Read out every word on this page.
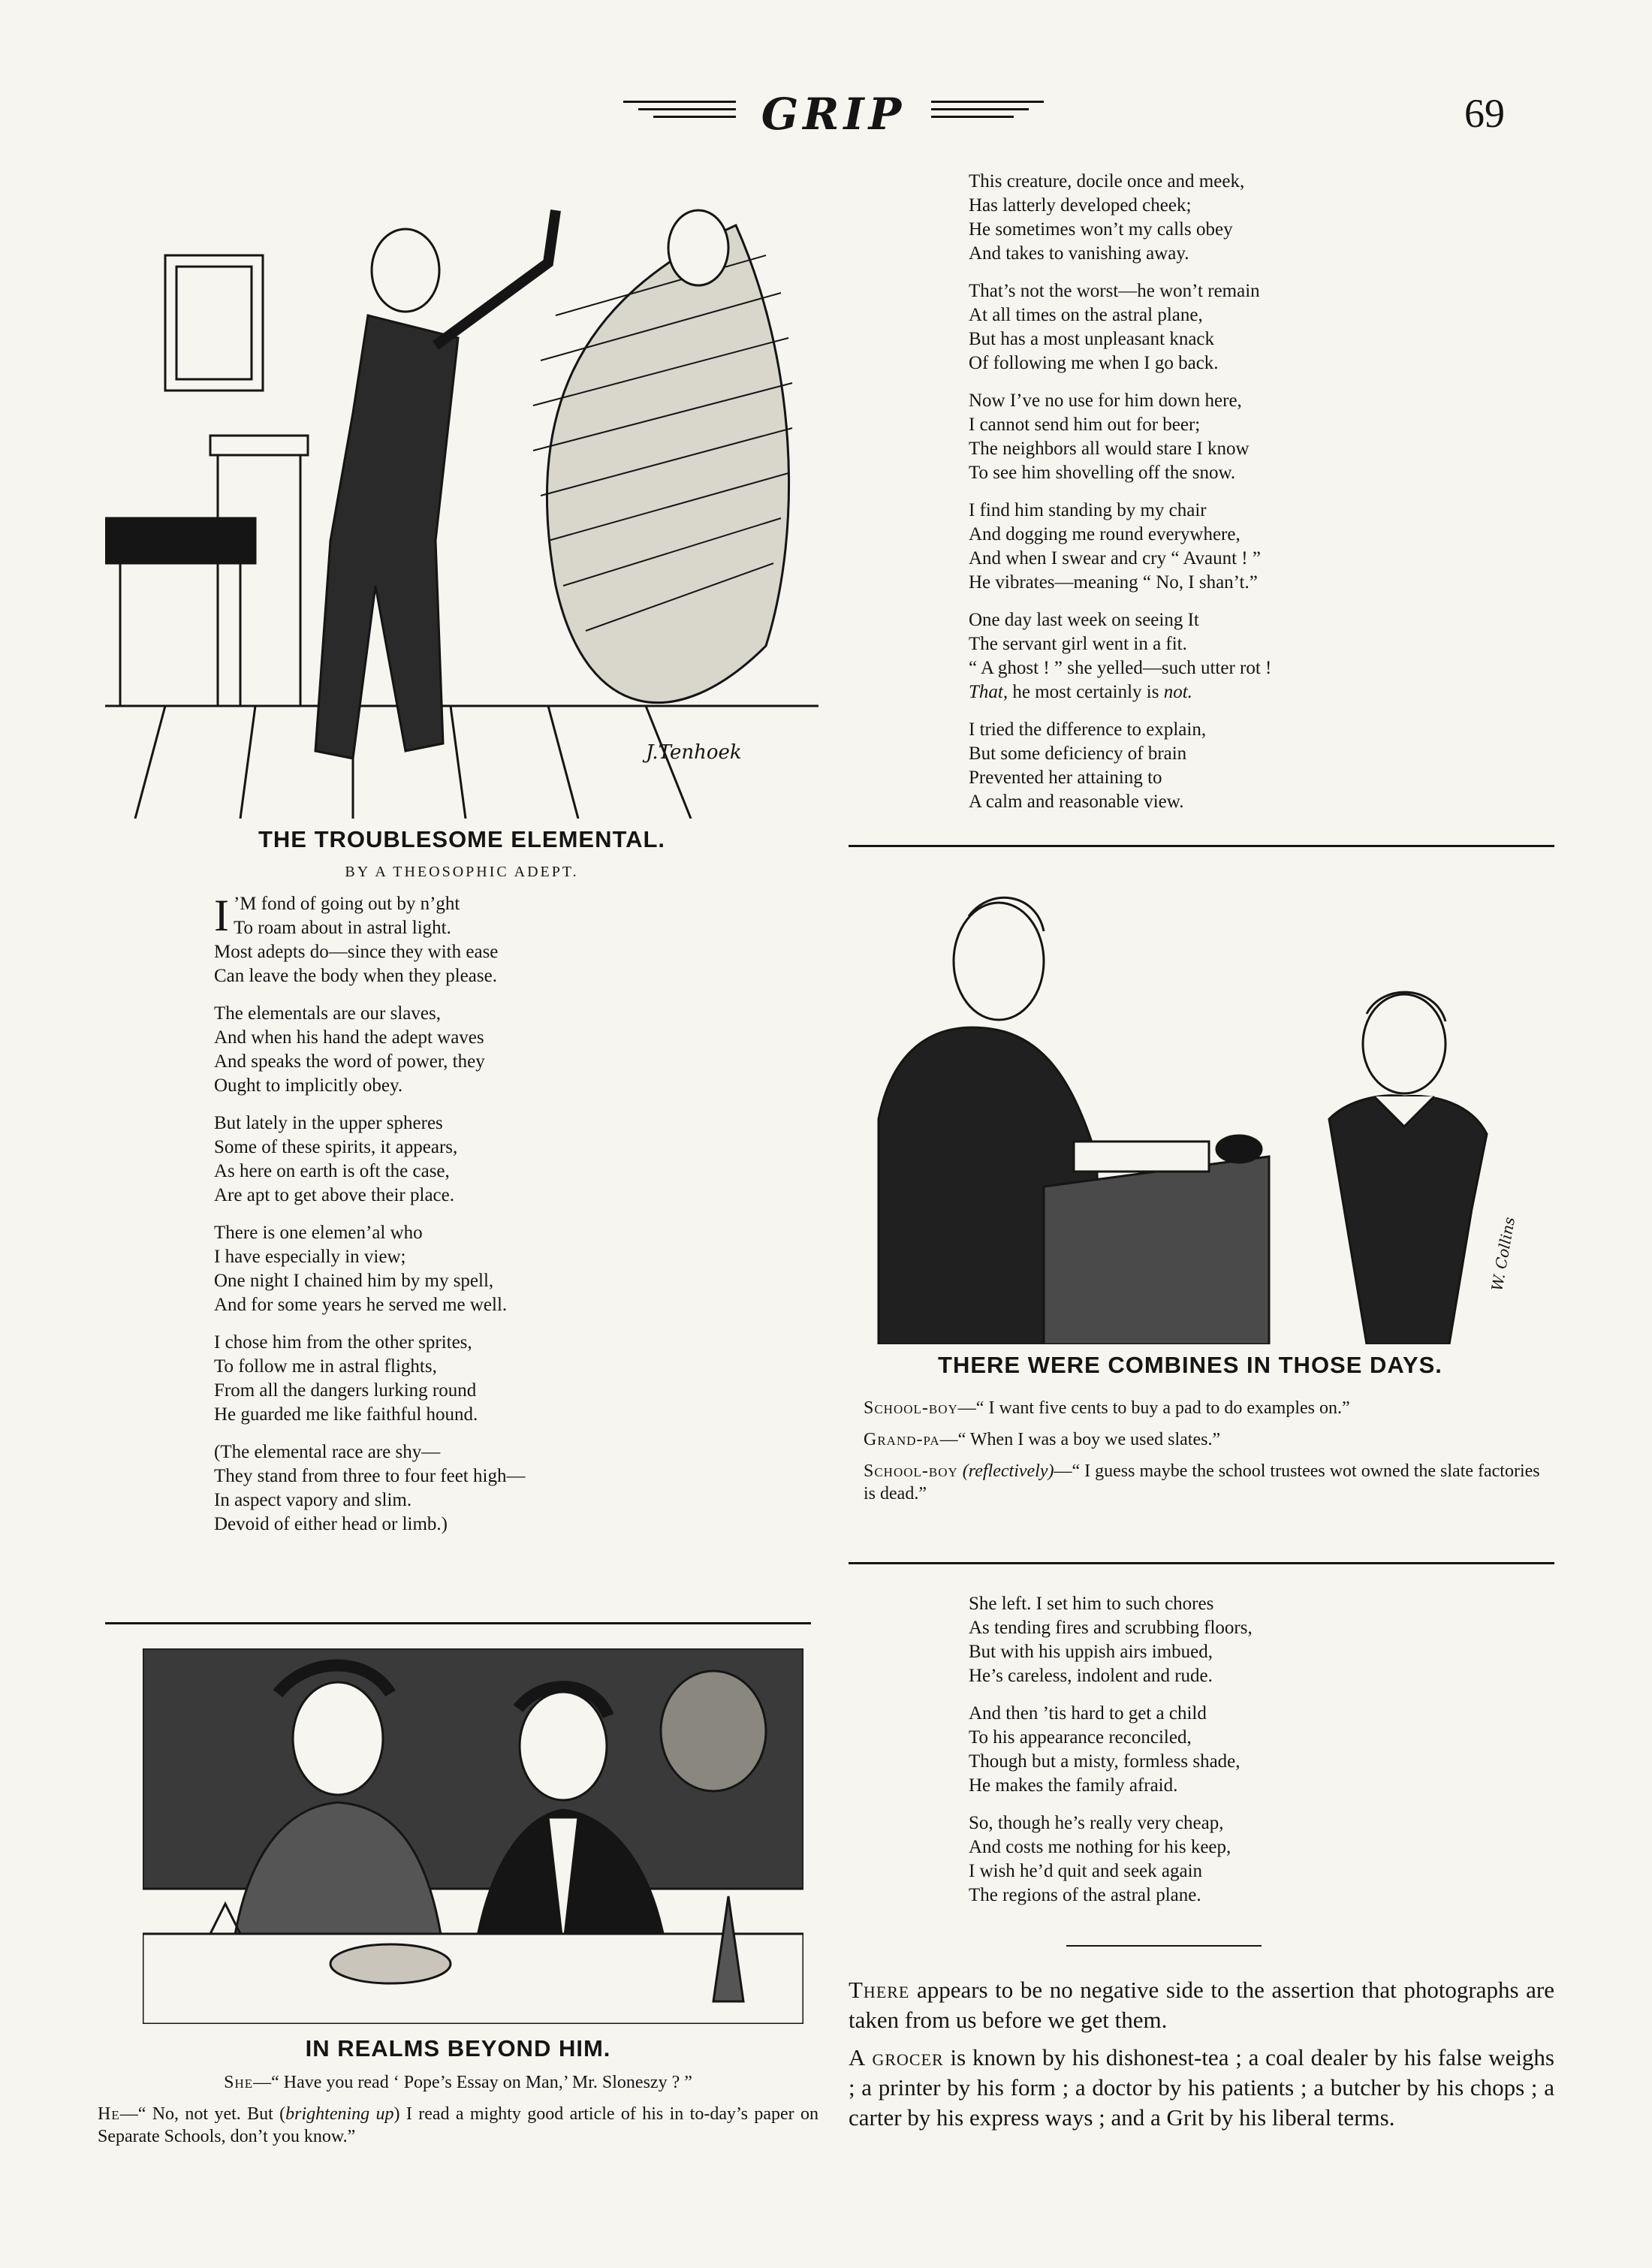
GRIP	69
J.Tenhoek
THE TROUBLESOME ELEMENTAL.
BY A THEOSOPHIC ADEPT.
I ’M fond of going out by n’ght
To roam about in astral light.
Most adepts do—since they with ease
Can leave the body when they please.
The elementals are our slaves,
And when his hand the adept waves
And speaks the word of power, they
Ought to implicitly obey.
But lately in the upper spheres
Some of these spirits, it appears,
As here on earth is oft the case,
Are apt to get above their place.
There is one elemen’al who
I have especially in view;
One night I chained him by my spell,
And for some years he served me well.
I chose him from the other sprites,
To follow me in astral flights,
From all the dangers lurking round
He guarded me like faithful hound.
(The elemental race are shy—
They stand from three to four feet high—
In aspect vapory and slim.
Devoid of either head or limb.)
IN REALMS BEYOND HIM.

She—“ Have you read ‘ Pope’s Essay on Man,’ Mr. Sloneszy ? ”

He—“ No, not yet. But (brightening up) I read a mighty good article of his in to-day’s paper on Separate Schools, don’t you know.”

This creature, docile once and meek,
Has latterly developed cheek;
He sometimes won’t my calls obey
And takes to vanishing away.
That’s not the worst—he won’t remain
At all times on the astral plane,
But has a most unpleasant knack
Of following me when I go back.
Now I’ve no use for him down here,
I cannot send him out for beer;
The neighbors all would stare I know
To see him shovelling off the snow.
I find him standing by my chair
And dogging me round everywhere,
And when I swear and cry “ Avaunt ! ”
He vibrates—meaning “ No, I shan’t.”
One day last week on seeing It
The servant girl went in a fit.
“ A ghost ! ” she yelled—such utter rot !
That, he most certainly is not.
I tried the difference to explain,
But some deficiency of brain
Prevented her attaining to
A calm and reasonable view.
W. Collins
THERE WERE COMBINES IN THOSE DAYS.

School-boy—“ I want five cents to buy a pad to do examples on.”

Grand-pa—“ When I was a boy we used slates.”

School-boy (reflectively)—“ I guess maybe the school trustees wot owned the slate factories is dead.”

She left. I set him to such chores
As tending fires and scrubbing floors,
But with his uppish airs imbued,
He’s careless, indolent and rude.
And then ’tis hard to get a child
To his appearance reconciled,
Though but a misty, formless shade,
He makes the family afraid.
So, though he’s really very cheap,
And costs me nothing for his keep,
I wish he’d quit and seek again
The regions of the astral plane.

There appears to be no negative side to the assertion that photographs are taken from us before we get them.

A grocer is known by his dishonest-tea ; a coal dealer by his false weighs ; a printer by his form ; a doctor by his patients ; a butcher by his chops ; a carter by his express ways ; and a Grit by his liberal terms.
